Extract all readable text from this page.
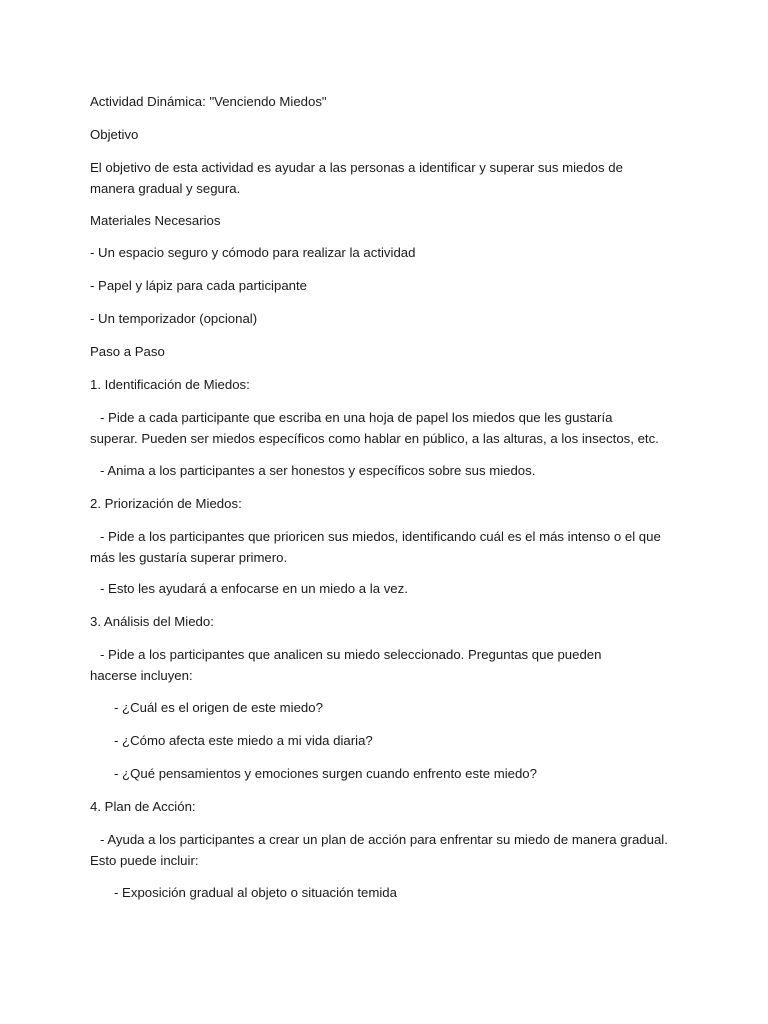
Actividad Dinámica: "Venciendo Miedos"
Objetivo
El objetivo de esta actividad es ayudar a las personas a identificar y superar sus miedos de manera gradual y segura.
Materiales Necesarios
- Un espacio seguro y cómodo para realizar la actividad
- Papel y lápiz para cada participante
- Un temporizador (opcional)
Paso a Paso
1. Identificación de Miedos:
- Pide a cada participante que escriba en una hoja de papel los miedos que les gustaría superar. Pueden ser miedos específicos como hablar en público, a las alturas, a los insectos, etc.
- Anima a los participantes a ser honestos y específicos sobre sus miedos.
2. Priorización de Miedos:
- Pide a los participantes que prioricen sus miedos, identificando cuál es el más intenso o el que más les gustaría superar primero.
- Esto les ayudará a enfocarse en un miedo a la vez.
3. Análisis del Miedo:
- Pide a los participantes que analicen su miedo seleccionado. Preguntas que pueden hacerse incluyen:
- ¿Cuál es el origen de este miedo?
- ¿Cómo afecta este miedo a mi vida diaria?
- ¿Qué pensamientos y emociones surgen cuando enfrento este miedo?
4. Plan de Acción:
- Ayuda a los participantes a crear un plan de acción para enfrentar su miedo de manera gradual. Esto puede incluir:
- Exposición gradual al objeto o situación temida
